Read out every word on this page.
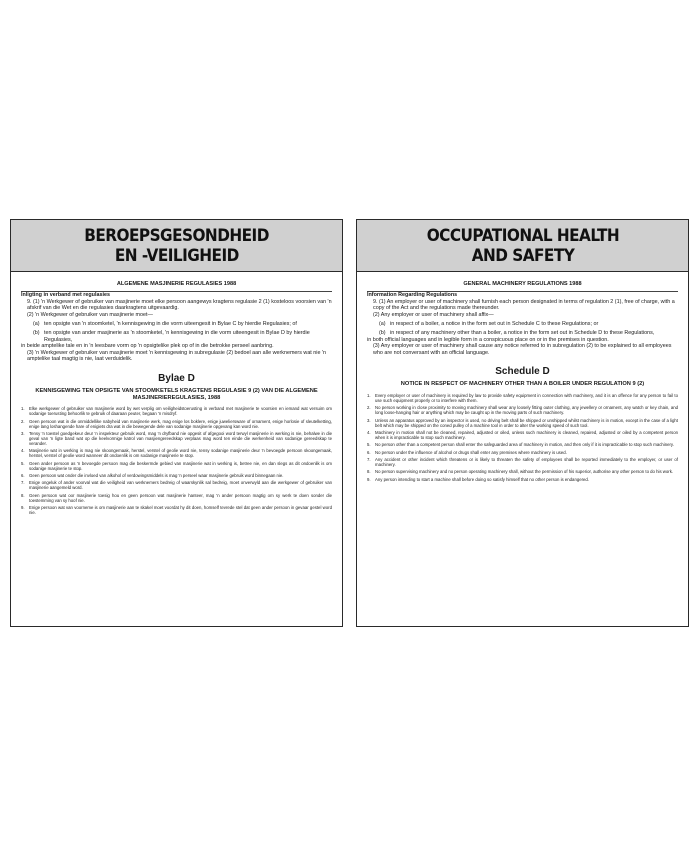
BEROEPSGESONDHEID
EN -VEILIGHEID
ALGEMENE MASJINERIE REGULASIES 1988

Inligting in verband met regulasies

9. (1) 'n Werkgewer of gebruiker van masjinerie moet elke persoon aangewys kragtens regulasie 2 (1) kosteloos voorsien van 'n afskrif van die Wet en die regulasies daarkragtens uitgevaardig.

(2) 'n Werkgewer of gebruiker van masjinerie moet—

(a) ten opsigte van 'n stoomketel, 'n kennisgewing in die vorm uiteengesit in Bylae C by hierdie Regulasies; of
(b) ten opsigte van ander masjinerie as 'n stoomketel, 'n kennisgewing in die vorm uiteengesit in Bylae D by hierdie Regulasies,

in beide amptelike tale en in 'n leesbare vorm op 'n opsigtelike plek op of in die betrokke perseel aanbring.

(3) 'n Werkgewer of gebruiker van masjinerie moet 'n kennisgewing in subregulasie (2) bedoel aan alle werknemers wat nie 'n amptelike taal magtig is nie, laat verduidelik.

Bylae D
KENNISGEWING TEN OPSIGTE VAN STOOMKETELS KRAGTENS REGULASIE 9 (2) VAN DIE ALGEMENE MASJINERIEREGULASIES, 1988
1.	Elke werkgewer of gebruiker van masjinerie word by wet verplig om veiligheidstoerusting in verband met masjinerie te voorsien en iemand wat versuim om sodanige toerusting behoorlik te gebruik of daaraan peuter, begaan 'n misdryf.
2.	Geen persoon wat in die onmiddellike nabyheid van masjinerie werk, mag enige los boklere, enige juweliersware of ornament, enige horlosie of sleutelketting, enige lang loshangende hare of enigiets dra wat in die bewegende dele van sodanige masjinerie opgevang kan word nie.
3.	Tensy 'n toestel goedgekeur deur 'n inspekteur gebruik word, mag 'n dryfband nie opgesit of afgegooi word terwyl masjinerie in werking is nie, behalwe in die geval van 'n ligte band wat op die keelvormige katrol van masjiengereedskap verplaas mag word ten einde die werkenheid van sodanige gereedskap te verander.
4.	Masjinerie wat in werking is mag nie skoongemaak, herstel, verstel of geolie word nie, tensy sodanige masjinerie deur 'n bevoegde persoon skoongemaak, herstel, verstel of geolie word wanneer dit ondoenlik is om sodanige masjinerie te stop.
5.	Geen ander persoon as 'n bevoegde persoon mag die beskermde gebied van masjinerie wat in werking is, betree nie, en dan slegs as dit ondoenlik is om sodanige masjinerie te stop.
6.	Geen persoon wat onder die invloed van alkohol of verdowingsmiddels is mag 'n perseel waar masjinerie gebruik word binnegaan nie.
7.	Enige ongeluk of ander voorval wat die veiligheid van werknemers bedreig of waarskynlik sal bedreig, moet onverwyld aan die werkgewer of gebruiker van masjinerie aangemeld word.
8.	Geen persoon wat oor masjinerie toesig hou en geen persoon wat masjinerie hanteer, mag 'n ander persoon magtig om sy werk te doen sonder die toestemming van sy hoof nie.
9.	Enige persoon wat van voorneme is om masjinerie aan te skakel moet voordat hy dit doen, homself tevrede stel dat geen ander persoon in gevaar gestel word nie.
OCCUPATIONAL HEALTH
AND SAFETY
GENERAL MACHINERY REGULATIONS 1988

Information Regarding Regulations

9. (1) An employer or user of machinery shall furnish each person designated in terms of regulation 2 (1), free of charge, with a copy of the Act and the regulations made thereunder.

(2) Any employer or user of machinery shall affix—

(a) in respect of a boiler, a notice in the form set out in Schedule C to these Regulations; or
(b) in respect of any machinery other than a boiler, a notice in the form set out in Schedule D to these Regulations,

in both official languages and in legible form in a conspicuous place on or in the premises in question.

(3) Any employer or user of machinery shall cause any notice referred to in subregulation (2) to be explained to all employees who are not conversant with an official language.

Schedule D
NOTICE IN RESPECT OF MACHINERY OTHER THAN A BOILER UNDER REGULATION 9 (2)
1.	Every employer or user of machinery is required by law to provide safety equipment in connection with machinery, and it is an offence for any person to fail to use such equipment properly or to interfere with them.
2.	No person working in close proximity to moving machinery shall wear any loosely fitting outer clothing, any jewellery or ornament, any watch or key chain, and long loose-hanging hair or anything which may be caught up in the moving parts of such machinery.
3.	Unless an apparatus approved by an inspector is used, no driving belt shall be shipped or unshipped whilst machinery is in motion, except in the case of a light belt which may be shipped on the coned pulley of a machine tool in order to alter the working speed of such tool.
4.	Machinery in motion shall not be cleaned, repaired, adjusted or oiled, unless such machinery is cleaned, repaired, adjusted or oiled by a competent person when it is impracticable to stop such machinery.
5.	No person other than a competent person shall enter the safeguarded area of machinery in motion, and then only if it is impracticable to stop such machinery.
6.	No person under the influence of alcohol or drugs shall enter any premises where machinery is used.
7.	Any accident or other incident which threatens or is likely to threaten the safety of employees shall be reported immediately to the employer, or user of machinery.
8.	No person supervising machinery and no person operating machinery shall, without the permission of his superior, authorise any other person to do his work.
9.	Any person intending to start a machine shall before doing so satisfy himself that no other person is endangered.
